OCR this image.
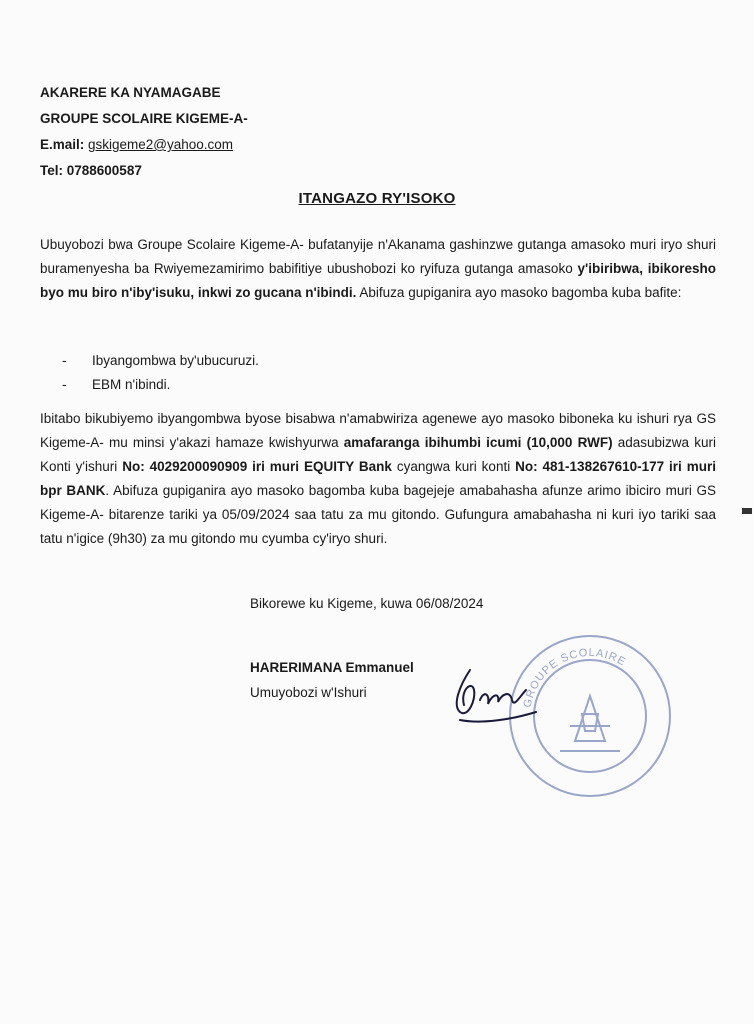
AKARERE KA NYAMAGABE
GROUPE SCOLAIRE KIGEME-A-
E.mail: gskigeme2@yahoo.com
Tel: 0788600587
ITANGAZO RY'ISOKO
Ubuyobozi bwa Groupe Scolaire Kigeme-A- bufatanyije n'Akanama gashinzwe gutanga amasoko muri iryo shuri buramenyesha ba Rwiyemezamirimo babifitiye ubushobozi ko ryifuza gutanga amasoko y'ibiribwa, ibikoresho byo mu biro n'iby'isuku, inkwi zo gucana n'ibindi. Abifuza gupiganira ayo masoko bagomba kuba bafite:
-	Ibyangombwa by'ubucuruzi.
-	EBM n'ibindi.
Ibitabo bikubiyemo ibyangombwa byose bisabwa n'amabwiriza agenewe ayo masoko biboneka ku ishuri rya GS Kigeme-A- mu minsi y'akazi hamaze kwishyurwa amafaranga ibihumbi icumi (10,000 RWF) adasubizwa kuri Konti y'ishuri No: 4029200090909 iri muri EQUITY Bank cyangwa kuri konti No: 481-138267610-177 iri muri bpr BANK. Abifuza gupiganira ayo masoko bagomba kuba bagejeje amabahasha afunze arimo ibiciro muri GS Kigeme-A- bitarenze tariki ya 05/09/2024 saa tatu za mu gitondo. Gufungura amabahasha ni kuri iyo tariki saa tatu n'igice (9h30) za mu gitondo mu cyumba cy'iryo shuri.
Bikorewe ku Kigeme, kuwa 06/08/2024
GROUPE SCOLAIRE
HARERIMANA Emmanuel
Umuyobozi w'Ishuri
